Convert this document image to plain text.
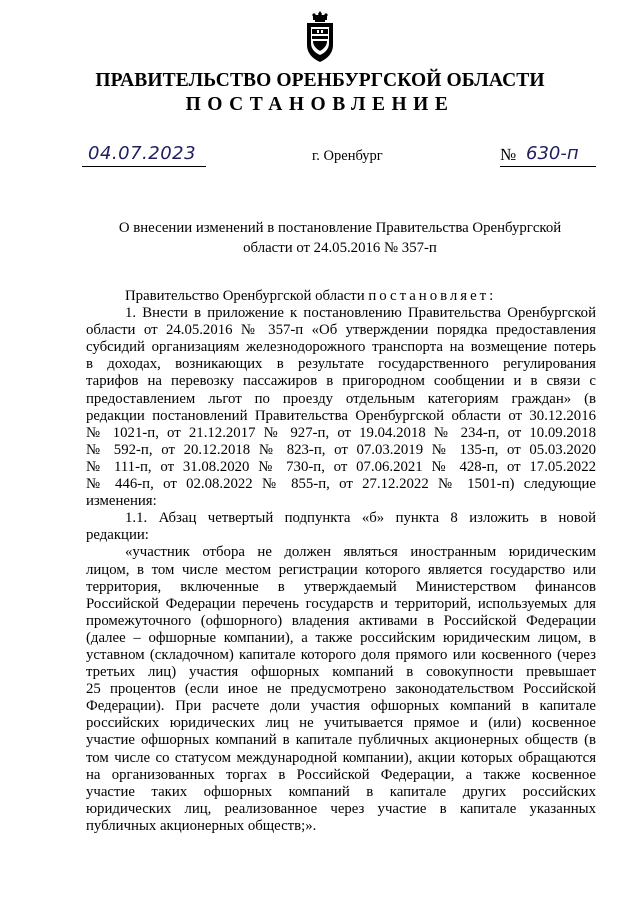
ПРАВИТЕЛЬСТВО ОРЕНБУРГСКОЙ ОБЛАСТИ
ПОСТАНОВЛЕНИЕ
04.07.2023	г. Оренбург	№ 630-п
О внесении изменений в постановление Правительства Оренбургской
области от 24.05.2016 № 357-п
Правительство Оренбургской области постановляет:
1. Внести в приложение к постановлению Правительства Оренбургской
области от 24.05.2016 № 357-п «Об утверждении порядка предоставления
субсидий организациям железнодорожного транспорта на возмещение потерь
в доходах, возникающих в результате государственного регулирования
тарифов на перевозку пассажиров в пригородном сообщении и в связи с
предоставлением льгот по проезду отдельным категориям граждан» (в
редакции постановлений Правительства Оренбургской области от 30.12.2016
№ 1021-п, от 21.12.2017 № 927-п, от 19.04.2018 № 234-п, от 10.09.2018
№ 592-п, от 20.12.2018 № 823-п, от 07.03.2019 № 135-п, от 05.03.2020
№ 111-п, от 31.08.2020 № 730-п, от 07.06.2021 № 428-п, от 17.05.2022
№ 446-п, от 02.08.2022 № 855-п, от 27.12.2022 № 1501-п) следующие
изменения:
1.1. Абзац четвертый подпункта «б» пункта 8 изложить в новой
редакции:
«участник отбора не должен являться иностранным юридическим
лицом, в том числе местом регистрации которого является государство или
территория, включенные в утверждаемый Министерством финансов
Российской Федерации перечень государств и территорий, используемых для
промежуточного (офшорного) владения активами в Российской Федерации
(далее – офшорные компании), а также российским юридическим лицом, в
уставном (складочном) капитале которого доля прямого или косвенного (через
третьих лиц) участия офшорных компаний в совокупности превышает
25 процентов (если иное не предусмотрено законодательством Российской
Федерации). При расчете доли участия офшорных компаний в капитале
российских юридических лиц не учитывается прямое и (или) косвенное
участие офшорных компаний в капитале публичных акционерных обществ (в
том числе со статусом международной компании), акции которых обращаются
на организованных торгах в Российской Федерации, а также косвенное
участие таких офшорных компаний в капитале других российских
юридических лиц, реализованное через участие в капитале указанных
публичных акционерных обществ;».
